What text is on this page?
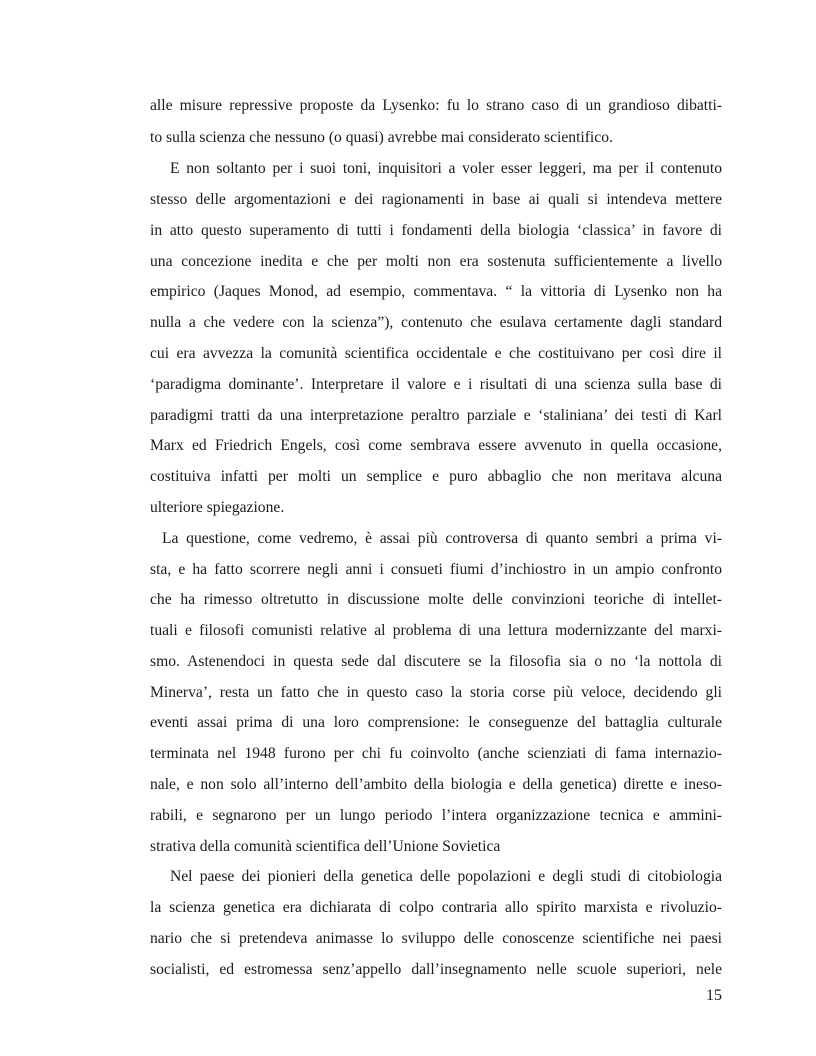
alle misure repressive proposte da Lysenko: fu lo strano caso di un grandioso dibatti-
to sulla scienza che nessuno (o quasi) avrebbe mai considerato scientifico.
E non soltanto per i suoi toni, inquisitori a voler esser leggeri, ma per il contenuto
stesso delle argomentazioni e dei ragionamenti in base ai quali si intendeva mettere
in atto questo superamento di tutti i fondamenti della biologia ‘classica’ in favore di
una concezione inedita e che per molti non era sostenuta sufficientemente a livello
empirico (Jaques Monod, ad esempio, commentava. “ la vittoria di Lysenko non ha
nulla a che vedere con la scienza”), contenuto che esulava certamente dagli standard
cui era avvezza la comunità scientifica occidentale e che costituivano per così dire il
‘paradigma dominante’. Interpretare il valore e i risultati di una scienza sulla base di
paradigmi tratti da una interpretazione peraltro parziale e ‘staliniana’ dei testi di Karl
Marx ed Friedrich Engels, così come sembrava essere avvenuto in quella occasione,
costituiva infatti per molti un semplice e puro abbaglio che non meritava alcuna
ulteriore spiegazione.
La questione, come vedremo, è assai più controversa di quanto sembri a prima vi-
sta, e ha fatto scorrere negli anni i consueti fiumi d’inchiostro in un ampio confronto
che ha rimesso oltretutto in discussione molte delle convinzioni teoriche di intellet-
tuali e filosofi comunisti relative al problema di una lettura modernizzante del marxi-
smo. Astenendoci in questa sede dal discutere se la filosofia sia o no ‘la nottola di
Minerva’, resta un fatto che in questo caso la storia corse più veloce, decidendo gli
eventi assai prima di una loro comprensione: le conseguenze del battaglia culturale
terminata nel 1948 furono per chi fu coinvolto (anche scienziati di fama internazio-
nale, e non solo all’interno dell’ambito della biologia e della genetica) dirette e ineso-
rabili, e segnarono per un lungo periodo l’intera organizzazione tecnica e ammini-
strativa della comunità scientifica dell’Unione Sovietica
Nel paese dei pionieri della genetica delle popolazioni e degli studi di citobiologia
la scienza genetica era dichiarata di colpo contraria allo spirito marxista e rivoluzio-
nario che si pretendeva animasse lo sviluppo delle conoscenze scientifiche nei paesi
socialisti, ed estromessa senz’appello dall’insegnamento nelle scuole superiori, nele
15
